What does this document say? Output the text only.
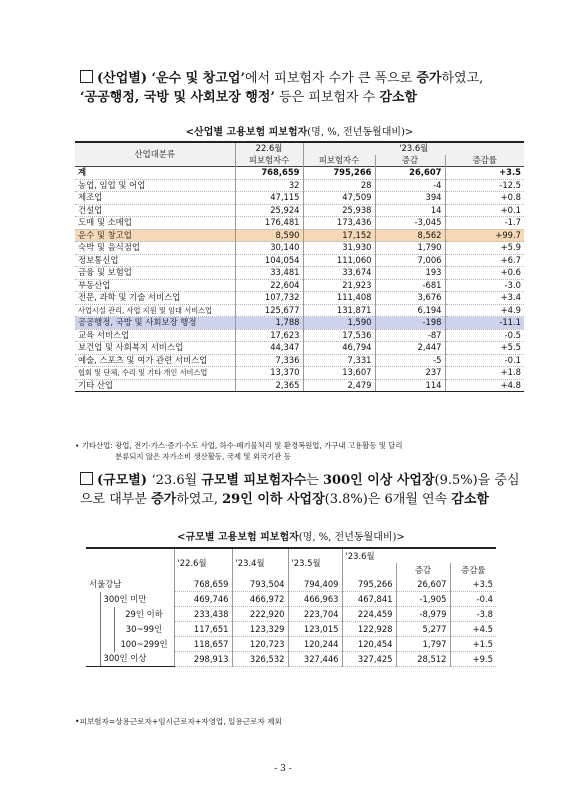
(산업별) ‘운수 및 창고업’에서 피보험자 수가 큰 폭으로 증가하였고,
‘공공행정, 국방 및 사회보장 행정’ 등은 피보험자 수 감소함
<산업별 고용보험 피보험자(명, %, 전년동월대비)>
산업대분류	22.6월	'23.6월		
	피보험자수	피보험자수	증감	증감률
계	768,659	795,266	26,607	+3.5
농업, 임업 및 어업	32	28	-4	-12.5
제조업	47,115	47,509	394	+0.8
건설업	25,924	25,938	14	+0.1
도매 및 소매업	176,481	173,436	-3,045	-1.7
운수 및 창고업	8,590	17,152	8,562	+99.7
숙박 및 음식점업	30,140	31,930	1,790	+5.9
정보통신업	104,054	111,060	7,006	+6.7
금융 및 보험업	33,481	33,674	193	+0.6
부동산업	22,604	21,923	-681	-3.0
전문, 과학 및 기술 서비스업	107,732	111,408	3,676	+3.4
사업시설 관리, 사업 지원 및 임대 서비스업	125,677	131,871	6,194	+4.9
공공행정, 국방 및 사회보장 행정	1,788	1,590	-198	-11.1
교육 서비스업	17,623	17,536	-87	-0.5
보건업 및 사회복지 서비스업	44,347	46,794	2,447	+5.5
예술, 스포츠 및 여가 관련 서비스업	7,336	7,331	-5	-0.1
협회 및 단체, 수리 및 기타 개인 서비스업	13,370	13,607	237	+1.8
기타 산업	2,365	2,479	114	+4.8
• 기타산업: 광업, 전기·가스·증기·수도 사업, 하수·폐기물처리 및 환경복원업, 가구내 고용활동 및 달리
분류되지 않은 자가소비 생산활동, 국제 및 외국기관 등
(규모별) ‘23.6월 규모별 피보험자수는 300인 이상 사업장(9.5%)을 중심
으로 대부분 증가하였고, 29인 이하 사업장(3.8%)은 6개월 연속 감소함
<규모별 고용보험 피보험자(명, %, 전년동월대비)>
			'22.6월	'23.4월	'23.5월	'23.6월		
							증감	증감률
서울강남			768,659	793,504	794,409	795,266	26,607	+3.5
	300인 미만		469,746	466,972	466,963	467,841	-1,905	-0.4
		29인 이하	233,438	222,920	223,704	224,459	-8,979	-3.8
		30~99인	117,651	123,329	123,015	122,928	5,277	+4.5
		100~299인	118,657	120,723	120,244	120,454	1,797	+1.5
	300인 이상		298,913	326,532	327,446	327,425	28,512	+9.5
•피보험자=상용근로자+임시근로자+자영업, 일용근로자 제외
- 3 -
